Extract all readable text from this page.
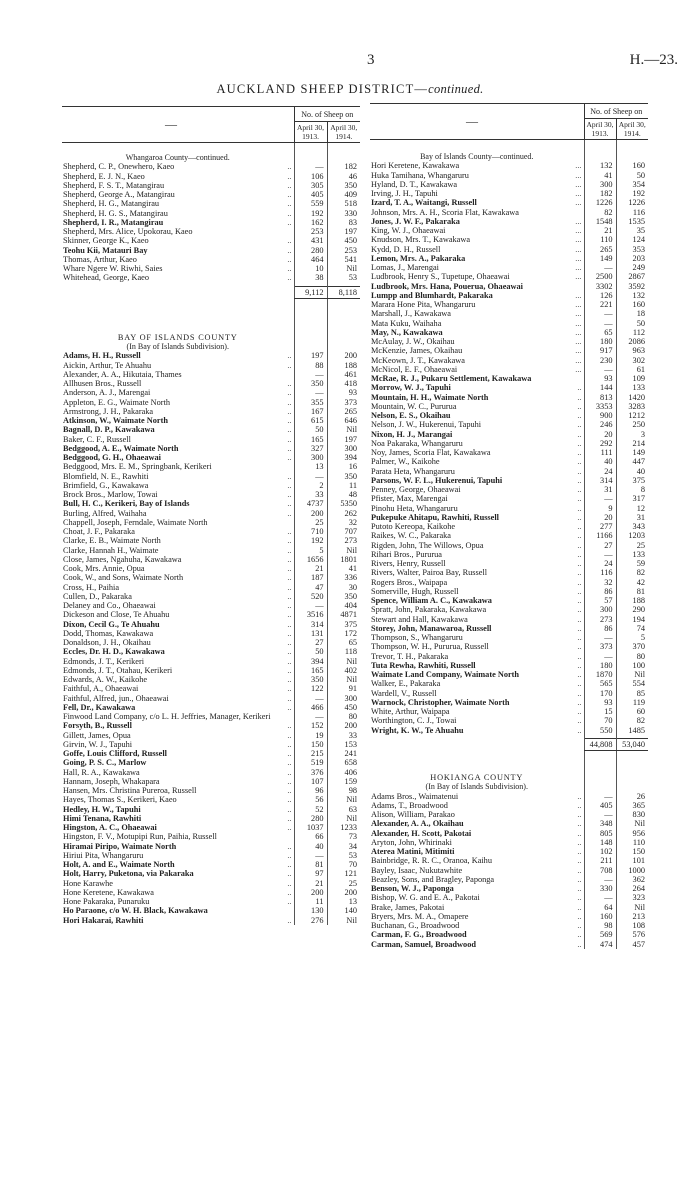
3	H.—23.
AUCKLAND SHEEP DISTRICT—continued.
—		No. of Sheep on	
		April 30, 1913.	April 30, 1914.

Whangaroa County—continued.			
Shepherd, C. P., Onewhero, Kaeo	..	—	182
Shepherd, E. J. N., Kaeo	..	106	46
Shepherd, F. S. T., Matangirau	..	305	350
Shepherd, George A., Matangirau	..	405	409
Shepherd, H. G., Matangirau	..	559	518
Shepherd, H. G. S., Matangirau	..	192	330
Shepherd, I. R., Matangirau	..	162	83
Shepherd, Mrs. Alice, Upokorau, Kaeo		253	197
Skinner, George K., Kaeo	..	431	450
Teohu Kii, Matauri Bay	..	280	253
Thomas, Arthur, Kaeo	..	464	541
Whare Ngere W. Riwhi, Saies	..	10	Nil
Whitehead, George, Kaeo	..	38	53

		9,112	8,118

BAY OF ISLANDS COUNTY			
(In Bay of Islands Subdivision).			
Adams, H. H., Russell	..	197	200
Aickin, Arthur, Te Ahuahu	..	88	188
Alexander, A. A., Hikutaia, Thames		—	461
Allhusen Bros., Russell	..	350	418
Anderson, A. J., Marengai	..	—	93
Appleton, E. G., Waimate North	..	355	373
Armstrong, J. H., Pakaraka	..	167	265
Atkinson, W., Waimate North	..	615	646
Bagnall, D. P., Kawakawa	..	50	Nil
Baker, C. F., Russell	..	165	197
Bedggood, A. E., Waimate North	..	327	300
Bedggood, G. H., Ohaeawai	..	300	394
Bedggood, Mrs. E. M., Springbank, Kerikeri		13	16
Blomfield, N. E., Rawhiti	..	—	350
Brimfield, G., Kawakawa	..	2	11
Brock Bros., Marlow, Towai	..	33	48
Bull, H. C., Kerikeri, Bay of Islands	..	4737	5350
Burling, Alfred, Waihaha	..	200	262
Chappell, Joseph, Ferndale, Waimate North		25	32
Choat, J. F., Pakaraka	..	710	707
Clarke, E. B., Waimate North	..	192	273
Clarke, Hannah H., Waimate	..	5	Nil
Close, James, Ngahuha, Kawakawa	..	1656	1801
Cook, Mrs. Annie, Opua	..	21	41
Cook, W., and Sons, Waimate North	..	187	336
Cross, H., Paihia	..	47	30
Cullen, D., Pakaraka	..	520	350
Delaney and Co., Ohaeawai	..	—	404
Dickeson and Close, Te Ahuahu	..	3516	4871
Dixon, Cecil G., Te Ahuahu	..	314	375
Dodd, Thomas, Kawakawa	..	131	172
Donaldson, J. H., Okaihau	..	27	65
Eccles, Dr. H. D., Kawakawa	..	50	118
Edmonds, J. T., Kerikeri	..	394	Nil
Edmonds, J. T., Otahau, Kerikeri	..	165	402
Edwards, A. W., Kaikohe	..	350	Nil
Faithful, A., Ohaeawai	..	122	91
Faithful, Alfred, jun., Ohaeawai	..	—	300
Fell, Dr., Kawakawa	..	466	450
Finwood Land Company, c/o L. H. Jeffries, Manager, Kerikeri		—	80
Forsyth, B., Russell	..	152	200
Gillett, James, Opua	..	19	33
Girvin, W. J., Tapuhi	..	150	153
Goffe, Louis Clifford, Russell	..	215	241
Going, P. S. C., Marlow	..	519	658
Hall, R. A., Kawakawa	..	376	406
Hannam, Joseph, Whakapara	..	107	159
Hansen, Mrs. Christina Pureroa, Russell	..	96	98
Hayes, Thomas S., Kerikeri, Kaeo	..	56	Nil
Hedley, H. W., Tapuhi	..	52	63
Himi Tenana, Rawhiti	..	280	Nil
Hingston, A. C., Ohaeawai	..	1037	1233
Hingston, F. V., Motupipi Run, Paihia, Russell		66	73
Hiramai Piripo, Waimate North	..	40	34
Hiriui Pita, Whangaruru	..	—	53
Holt, A. and E., Waimate North	..	81	70
Holt, Harry, Puketona, via Pakaraka	..	97	121
Hone Karawhe	..	21	25
Hone Keretene, Kawakawa	..	200	200
Hone Pakaraka, Punaruku	..	11	13
Ho Paraone, c/o W. H. Black, Kawakawa		130	140
Hori Hakarai, Rawhiti	..	276	Nil
—		No. of Sheep on	
		April 30, 1913.	April 30, 1914.

Bay of Islands County—continued.			
Hori Keretene, Kawakawa	...	132	160
Huka Tamihana, Whangaruru	...	41	50
Hyland, D. T., Kawakawa	...	300	354
Irving, J. H., Tapuhi	...	182	192
Izard, T. A., Waitangi, Russell	...	1226	1226
Johnson, Mrs. A. H., Scoria Flat, Kawakawa		82	116
Jones, J. W. F., Pakaraka	...	1548	1535
King, W. J., Ohaeawai	...	21	35
Knudson, Mrs. T., Kawakawa	...	110	124
Kydd, D. H., Russell	...	265	353
Lemon, Mrs. A., Pakaraka	...	149	203
Lomas, J., Marengai	...	—	249
Ludbrook, Henry S., Tupetupe, Ohaeawai	...	2500	2867
Ludbrook, Mrs. Hana, Pouerua, Ohaeawai		3302	3592
Lumpp and Blumhardt, Pakaraka	...	126	132
Marara Hone Pita, Whangaruru	...	221	160
Marshall, J., Kawakawa	...	—	18
Mata Kuku, Waihaha	...	—	50
May, N., Kawakawa	...	65	112
McAulay, J. W., Okaihau	...	180	2086
McKenzie, James, Okaihau	...	917	963
McKeown, J. T., Kawakawa	...	230	302
McNicol, E. F., Ohaeawai	...	—	61
McRae, R. J., Pukaru Settlement, Kawakawa		93	109
Morrow, W. J., Tapuhi	..	144	133
Mountain, H. H., Waimate North	..	813	1420
Mountain, W. C., Pururua	..	3353	3283
Nelson, E. S., Okaihau	..	900	1212
Nelson, J. W., Hukerenui, Tapuhi	..	246	250
Nixon, H. J., Marangai	..	20	3
Noa Pakaraka, Whangaruru	..	292	214
Noy, James, Scoria Flat, Kawakawa	..	111	149
Palmer, W., Kaikohe	..	40	447
Parata Heta, Whangaruru	..	24	40
Parsons, W. F. L., Hukerenui, Tapuhi	..	314	375
Penney, George, Ohaeawai	..	31	8
Pfister, Max, Marengai	..	—	317
Pinohu Heta, Whangaruru	..	9	12
Pukepuke Ahitapu, Rawhiti, Russell	..	20	31
Putoto Kereopa, Kaikohe	..	277	343
Raikes, W. C., Pakaraka	..	1166	1203
Rigden, John, The Willows, Opua	..	27	25
Rihari Bros., Pururua	..	—	133
Rivers, Henry, Russell	..	24	59
Rivers, Walter, Pairoa Bay, Russell	..	116	82
Rogers Bros., Waipapa	..	32	42
Somerville, Hugh, Russell	..	86	81
Spence, William A. C., Kawakawa	..	57	188
Spratt, John, Pakaraka, Kawakawa	..	300	290
Stewart and Hall, Kawakawa	..	273	194
Storey, John, Manawaroa, Russell	..	86	74
Thompson, S., Whangaruru	..	—	5
Thompson, W. H., Pururua, Russell	..	373	370
Trevor, T. H., Pakaraka	..	—	80
Tuta Rewha, Rawhiti, Russell	..	180	100
Waimate Land Company, Waimate North	..	1870	Nil
Walker, E., Pakaraka	..	565	554
Wardell, V., Russell	..	170	85
Warnock, Christopher, Waimate North	..	93	119
White, Arthur, Waipapa	..	15	60
Worthington, C. J., Towai	..	70	82
Wright, K. W., Te Ahuahu	..	550	1485

		44,808	53,040

HOKIANGA COUNTY			
(In Bay of Islands Subdivision).			
Adams Bros., Waimatenui	..	—	26
Adams, T., Broadwood	..	405	365
Alison, William, Parakao	..	—	830
Alexander, A. A., Okaihau	..	348	Nil
Alexander, H. Scott, Pakotai	..	805	956
Aryton, John, Whirinaki	..	148	110
Aterea Matini, Mitimiti	..	102	150
Bainbridge, R. R. C., Oranoa, Kaihu	..	211	101
Bayley, Isaac, Nukutawhite	..	708	1000
Beazley, Sons, and Bragley, Paponga	..	—	362
Benson, W. J., Paponga	..	330	264
Bishop, W. G. and E. A., Pakotai	..	—	323
Brake, James, Pakotai	..	64	Nil
Bryers, Mrs. M. A., Omapere	..	160	213
Buchanan, G., Broadwood	..	98	108
Carman, F. G., Broadwood	..	569	576
Carman, Samuel, Broadwood	..	474	457
